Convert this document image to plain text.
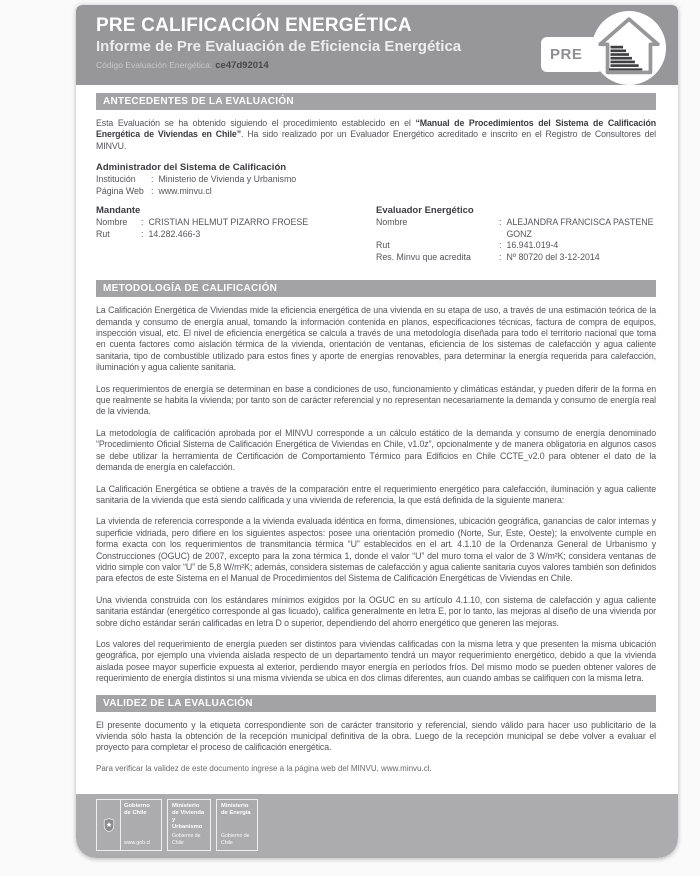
PRE CALIFICACIÓN ENERGÉTICA
Informe de Pre Evaluación de Eficiencia Energética
Código Evaluación Energética: ce47d92014
PRE
ANTECEDENTES DE LA EVALUACIÓN

Esta Evaluación se ha obtenido siguiendo el procedimiento establecido en el “Manual de Procedimientos del Sistema de Calificación Energética de Viviendas en Chile”. Ha sido realizado por un Evaluador Energético acreditado e inscrito en el Registro de Consultores del MINVU.

Administrador del Sistema de Calificación
Institución	: Ministerio de Vivienda y Urbanismo
Página Web : www.minvu.cl
Mandante
Nombre	: CRISTIAN HELMUT PIZARRO FROESE
Rut	: 14.282.466-3
Evaluador Energético
Nombre	: ALEJANDRA FRANCISCA PASTENE GONZ
Rut	: 16.941.019-4
Res. Minvu que acredita	: Nº 80720 del 3-12-2014
METODOLOGÍA DE CALIFICACIÓN

La Calificación Energética de Viviendas mide la eficiencia energética de una vivienda en su etapa de uso, a través de una estimación teórica de la demanda y consumo de energía anual, tomando la información contenida en planos, especificaciones técnicas, factura de compra de equipos, inspección visual, etc. El nivel de eficiencia energética se calcula a través de una metodología diseñada para todo el territorio nacional que toma en cuenta factores como aislación térmica de la vivienda, orientación de ventanas, eficiencia de los sistemas de calefacción y agua caliente sanitaria, tipo de combustible utilizado para estos fines y aporte de energías renovables, para determinar la energía requerida para calefacción, iluminación y agua caliente sanitaria.

Los requerimientos de energía se determinan en base a condiciones de uso, funcionamiento y climáticas estándar, y pueden diferir de la forma en que realmente se habita la vivienda; por tanto son de carácter referencial y no representan necesariamente la demanda y consumo de energía real de la vivienda.

La metodología de calificación aprobada por el MINVU corresponde a un cálculo estático de la demanda y consumo de energía denominado “Procedimiento Oficial Sistema de Calificación Energética de Viviendas en Chile, v1.0z”, opcionalmente y de manera obligatoria en algunos casos se debe utilizar la herramienta de Certificación de Comportamiento Térmico para Edificios en Chile CCTE_v2.0 para obtener el dato de la demanda de energía en calefacción.

La Calificación Energética se obtiene a través de la comparación entre el requerimiento energético para calefacción, iluminación y agua caliente sanitaria de la vivienda que está siendo calificada y una vivienda de referencia, la que está definida de la siguiente manera:

La vivienda de referencia corresponde a la vivienda evaluada idéntica en forma, dimensiones, ubicación geográfica, ganancias de calor internas y superficie vidriada, pero difiere en los siguientes aspectos: posee una orientación promedio (Norte, Sur, Este, Oeste); la envolvente cumple en forma exacta con los requerimientos de transmitancia térmica “U” establecidos en el art. 4.1.10 de la Ordenanza General de Urbanismo y Construcciones (OGUC) de 2007, excepto para la zona térmica 1, donde el valor “U” del muro toma el valor de 3 W/m²K; considera ventanas de vidrio simple con valor “U” de 5,8 W/m²K; además, considera sistemas de calefacción y agua caliente sanitaria cuyos valores también son definidos para efectos de este Sistema en el Manual de Procedimientos del Sistema de Calificación Energéticas de Viviendas en Chile.

Una vivienda construida con los estándares mínimos exigidos por la OGUC en su artículo 4.1.10, con sistema de calefacción y agua caliente sanitaria estándar (energético corresponde al gas licuado), califica generalmente en letra E, por lo tanto, las mejoras al diseño de una vivienda por sobre dicho estándar serán calificadas en letra D o superior, dependiendo del ahorro energético que generen las mejoras.

Los valores del requerimiento de energía pueden ser distintos para viviendas calificadas con la misma letra y que presenten la misma ubicación geográfica, por ejemplo una vivienda aislada respecto de un departamento tendrá un mayor requerimiento energético, debido a que la vivienda aislada posee mayor superficie expuesta al exterior, perdiendo mayor energía en períodos fríos. Del mismo modo se pueden obtener valores de requerimiento de energía distintos si una misma vivienda se ubica en dos climas diferentes, aun cuando ambas se califiquen con la misma letra.

VALIDEZ DE LA EVALUACIÓN

El presente documento y la etiqueta correspondiente son de carácter transitorio y referencial, siendo válido para hacer uso publicitario de la vivienda sólo hasta la obtención de la recepción municipal definitiva de la obra. Luego de la recepción municipal se debe volver a evaluar el proyecto para completar el proceso de calificación energética.

Para verificar la validez de este documento ingrese a la página web del MINVU, www.minvu.cl.
Gobierno de Chile
www.gob.cl
Ministerio de Vivienda y Urbanismo
Gobierno de Chile
Ministerio de Energía
Gobierno de Chile
